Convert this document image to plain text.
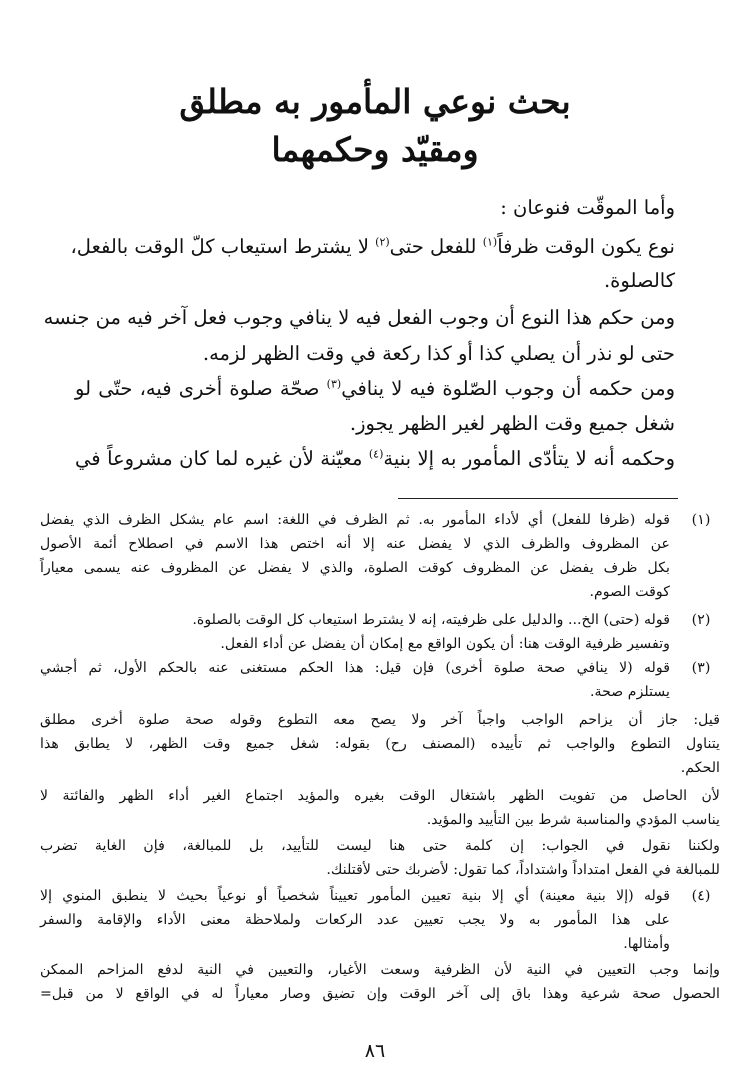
بحث نوعي المأمور به مطلق
ومقيّد وحكمهما
وأما الموقّت فنوعان :
نوع يكون الوقت ظرفاً$^{(١)}$ للفعل حتى$^{(٢)}$ لا يشترط استيعاب كلّ الوقت بالفعل،
كالصلوة.
ومن حكم هذا النوع أن وجوب الفعل فيه لا ينافي وجوب فعل آخر فيه من جنسه
حتى لو نذر أن يصلي كذا أو كذا ركعة في وقت الظهر لزمه.
ومن حكمه أن وجوب الصّلوة فيه لا ينافي$^{(٣)}$ صحّة صلوة أخرى فيه، حتّى لو
شغل جميع وقت الظهر لغير الظهر يجوز.
وحكمه أنه لا يتأدّى المأمور به إلا بنية$^{(٤)}$ معيّنة لأن غيره لما كان مشروعاً في
(١)
قوله (ظرفا للفعل) أي لأداء المأمور به. ثم الظرف في اللغة: اسم عام يشكل الظرف الذي يفضل
عن المظروف والظرف الذي لا يفضل عنه إلا أنه اختص هذا الاسم في اصطلاح أئمة الأصول
بكل ظرف يفضل عن المظروف كوقت الصلوة، والذي لا يفضل عن المظروف عنه يسمى معياراً
كوقت الصوم.
(٢)
قوله (حتى) الخ... والدليل على ظرفيته، إنه لا يشترط استيعاب كل الوقت بالصلوة.
وتفسير ظرفية الوقت هنا: أن يكون الواقع مع إمكان أن يفضل عن أداء الفعل.
(٣)
قوله (لا ينافي صحة صلوة أخرى) فإن قيل: هذا الحكم مستغنى عنه بالحكم الأول، ثم أجشي
يستلزم صحة.
قيل: جاز أن يزاحم الواجب واجباً آخر ولا يصح معه التطوع وقوله صحة صلوة أخرى مطلق
يتناول التطوع والواجب ثم تأييده (المصنف رح) بقوله: شغل جميع وقت الظهر، لا يطابق هذا
الحكم.
لأن الحاصل من تفويت الظهر باشتغال الوقت بغيره والمؤيد اجتماع الغير أداء الظهر والفائتة لا
يناسب المؤدي والمناسبة شرط بين التأييد والمؤيد.
ولكننا نقول في الجواب: إن كلمة حتى هنا ليست للتأييد، بل للمبالغة، فإن الغاية تضرب
للمبالغة في الفعل امتداداً واشتداداً، كما تقول: لأضربك حتى لأقتلنك.
(٤)
قوله (إلا بنية معينة) أي إلا بنية تعيين المأمور تعييناً شخصياً أو نوعياً بحيث لا ينطبق المنوي إلا
على هذا المأمور به ولا يجب تعيين عدد الركعات ولملاحظة معنى الأداء والإقامة والسفر
وأمثالها.
وإنما وجب التعيين في النية لأن الظرفية وسعت الأغيار، والتعيين في النية لدفع المزاحم الممكن
الحصول صحة شرعية وهذا باق إلى آخر الوقت وإن تضيق وصار معياراً له في الواقع لا من قبل=
٨٦
